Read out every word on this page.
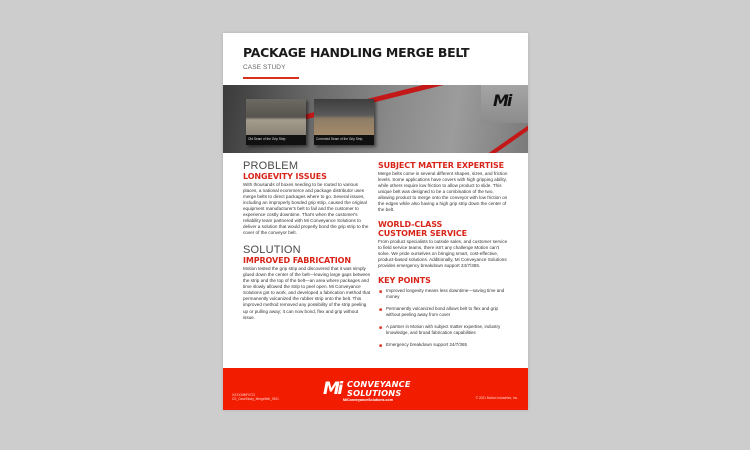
PACKAGE HANDLING MERGE BELT
CASE STUDY
Mi
Old Seam of the Grip Strip	Corrected Seam of the Grip Strip
PROBLEM
LONGEVITY ISSUES

With thousands of boxes needing to be routed to various places, a national ecommerce and package distributor uses merge belts to direct packages where to go. Several issues, including an improperly bonded grip strip, caused the original equipment manufacturer's belt to fail and the customer to experience costly downtime. That's when the customer's reliability team partnered with Mi Conveyance Solutions to deliver a solution that would properly bond the grip strip to the cover of the conveyor belt.

SOLUTION
IMPROVED FABRICATION

Motion tested the grip strip and discovered that it was simply glued down the center of the belt—leaving large gaps between the strip and the top of the belt—an area where packages and time slowly allowed the strip to peel open. Mi Conveyance Solutions got to work, and developed a fabrication method that permanently vulcanized the rubber strip onto the belt. This improved method removed any possibility of the strip peeling up or pulling away; it can now bond, flex and grip without issue.

SUBJECT MATTER EXPERTISE

Merge belts come in several different shapes, sizes, and friction levels. Some applications have covers with high gripping ability, while others require low friction to allow product to slide. This unique belt was designed to be a combination of the two, allowing product to merge onto the conveyor with low friction on the edges while also having a high grip strip down the center of the belt.

WORLD-CLASS
CUSTOMER SERVICE

From product specialists to outside sales, and customer service to field service teams, there isn't any challenge Motion can't solve. We pride ourselves on bringing smart, cost-effective, product-based solutions. Additionally, Mi Conveyance Solutions provides emergency breakdown support 24/7/365.

KEY POINTS
■ Improved longevity means less downtime—saving time and money
■ Permanently vulcanized bond allows belt to flex and grip without peeling away from cover
■ A partner in Motion with subject matter expertise, industry knowledge, and broad fabrication capabilities
■ Emergency breakdown support 24/7/365
XXXXXMIF0721
CS_CaseStudy_MergeBelt_0921
Mi CONVEYANCE
SOLUTIONS
MiConveyanceSolutions.com	© 2021 Motion Industries, Inc.
